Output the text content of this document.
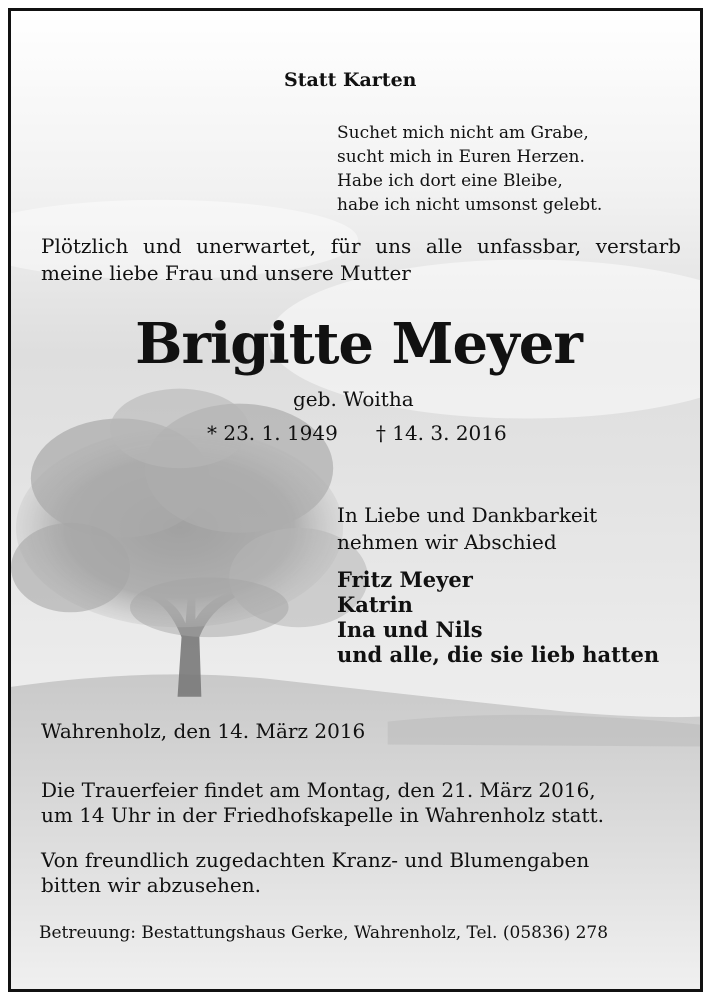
Statt Karten
Suchet mich nicht am Grabe,
sucht mich in Euren Herzen.
Habe ich dort eine Bleibe,
habe ich nicht umsonst gelebt.
Plötzlich und unerwartet, für uns alle unfassbar, verstarb
meine liebe Frau und unsere Mutter
Brigitte Meyer
geb. Woitha
* 23. 1. 1949 † 14. 3. 2016
In Liebe und Dankbarkeit
nehmen wir Abschied
Fritz Meyer
Katrin
Ina und Nils
und alle, die sie lieb hatten
Wahrenholz, den 14. März 2016
Die Trauerfeier findet am Montag, den 21. März 2016,
um 14 Uhr in der Friedhofskapelle in Wahrenholz statt.
Von freundlich zugedachten Kranz- und Blumengaben
bitten wir abzusehen.
Betreuung: Bestattungshaus Gerke, Wahrenholz, Tel. (05836) 278
